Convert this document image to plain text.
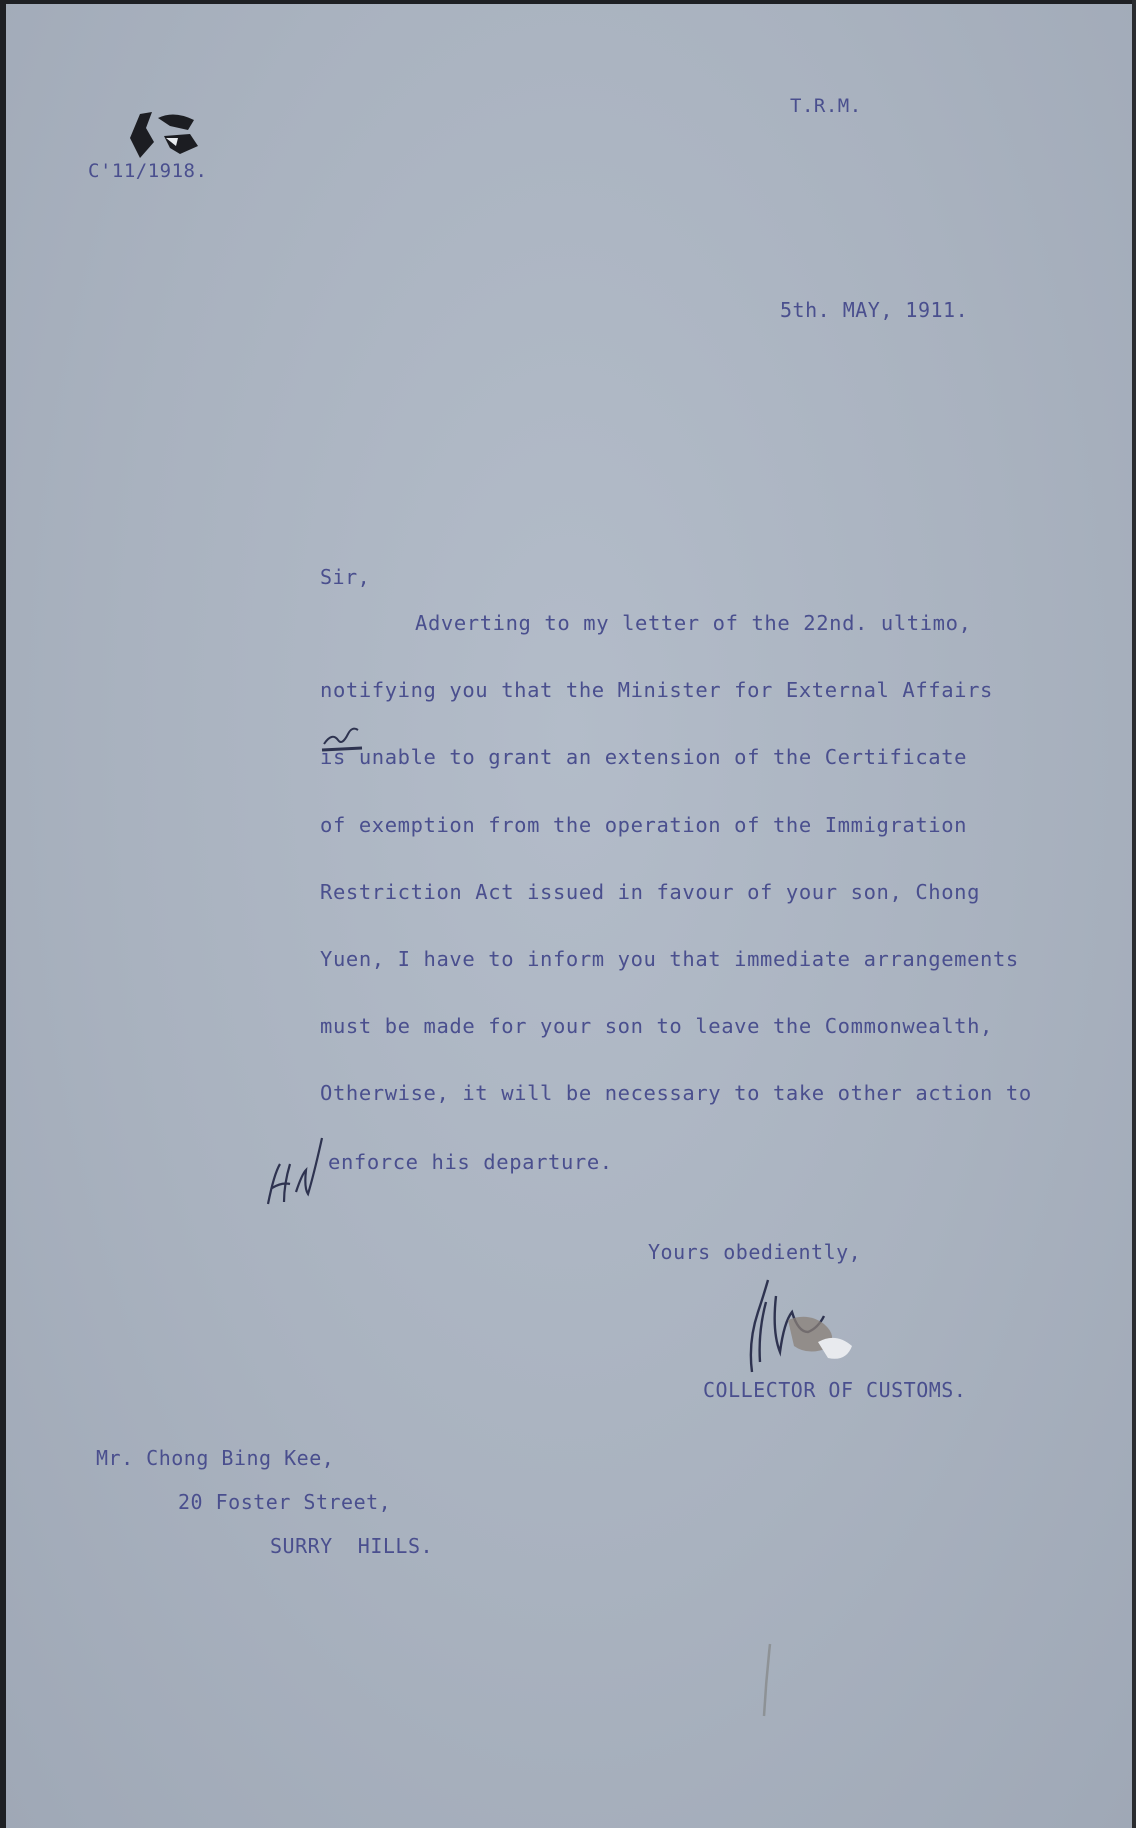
C'11/1918.
T.R.M.
5th. MAY, 1911.
Sir,
Adverting to my letter of the 22nd. ultimo,
notifying you that the Minister for External Affairs
is unable to grant an extension of the Certificate
of exemption from the operation of the Immigration
Restriction Act issued in favour of your son, Chong
Yuen, I have to inform you that immediate arrangements
must be made for your son to leave the Commonwealth,
Otherwise, it will be necessary to take other action to
enforce his departure.
Yours obediently,
COLLECTOR OF CUSTOMS.
Mr. Chong Bing Kee,
20 Foster Street,
SURRY  HILLS.
